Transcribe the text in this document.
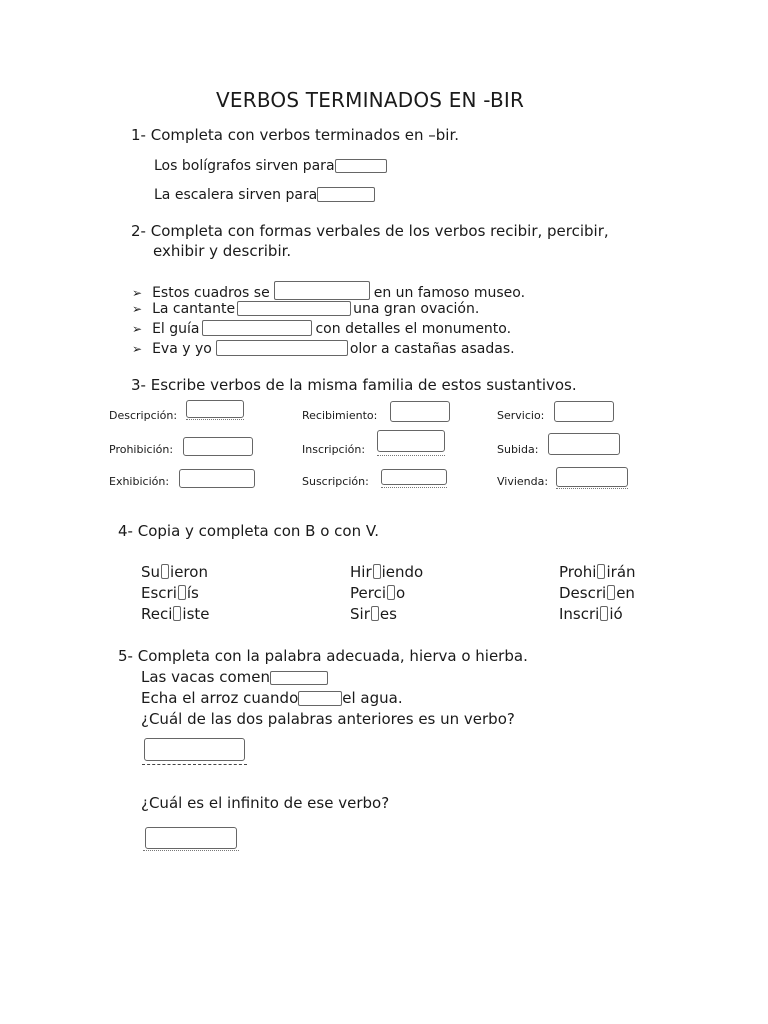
VERBOS TERMINADOS EN -BIR
1- Completa con verbos terminados en –bir.
Los bolígrafos sirven para
La escalera sirven para
2- Completa con formas verbales de los verbos recibir, percibir,
exhibir y describir.
➢ Estos cuadros se	en un famoso museo.
➢ La cantante	una gran ovación.
➢ El guía	con detalles el monumento.
➢ Eva y yo	olor a castañas asadas.
3- Escribe verbos de la misma familia de estos sustantivos.
Descripción:	Recibimiento:	Servicio:
Prohibición:	Inscripción:	Subida:
Exhibición:	Suscripción:	Vivienda:
4- Copia y completa con B o con V.
Su ieron	Hir iendo	Prohi irán
Escri ís	Perci o	Descri en
Reci iste	Sir es	Inscri ió
5- Completa con la palabra adecuada, hierva o hierba.
Las vacas comen
Echa el arroz cuando	el agua.
¿Cuál de las dos palabras anteriores es un verbo?
¿Cuál es el infinito de ese verbo?
